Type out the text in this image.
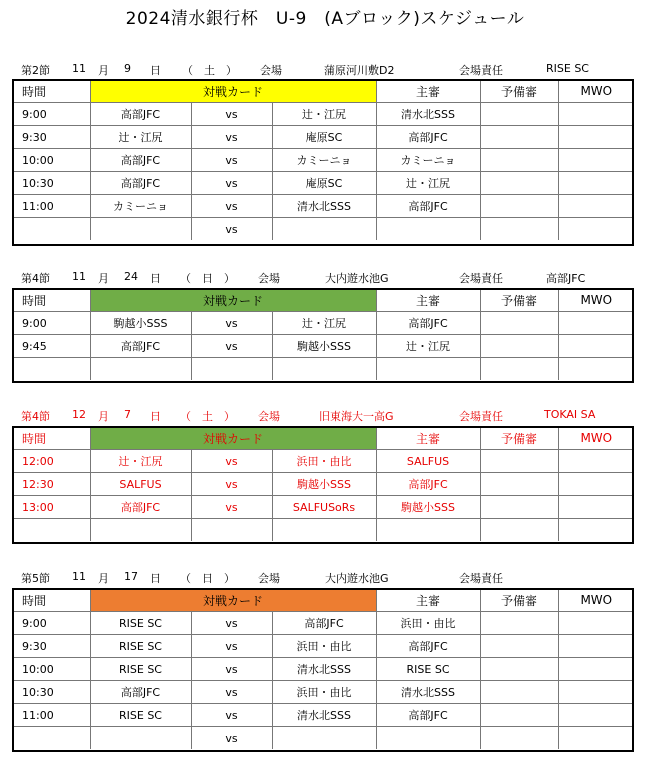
2024清水銀行杯　U-9　(Aブロック)スケジュール
第2節 11 月 9 日 （　土　） 会場	蒲原河川敷D2	会場責任	RISE SC
時間	対戦カード			主審	予備審	MWO
9:00	高部JFC	vs	辻・江尻	清水北SSS		
9:30	辻・江尻	vs	庵原SC	高部JFC		
10:00	高部JFC	vs	カミーニョ	カミーニョ		
10:30	高部JFC	vs	庵原SC	辻・江尻		
11:00	カミーニョ	vs	清水北SSS	高部JFC		
		vs				
第4節 11 月 24 日 （　日　） 会場	大内遊水池G	会場責任	高部JFC
時間	対戦カード			主審	予備審	MWO
9:00	駒越小SSS	vs	辻・江尻	高部JFC		
9:45	高部JFC	vs	駒越小SSS	辻・江尻		

第4節 12 月 7 日 （　土　） 会場	旧東海大一高G	会場責任	TOKAI SA
時間	対戦カード			主審	予備審	MWO
12:00	辻・江尻	vs	浜田・由比	SALFUS		
12:30	SALFUS	vs	駒越小SSS	高部JFC		
13:00	高部JFC	vs	SALFUSoRs	駒越小SSS		

第5節 11 月 17 日 （　日　） 会場	大内遊水池G	会場責任
時間	対戦カード			主審	予備審	MWO
9:00	RISE SC	vs	高部JFC	浜田・由比		
9:30	RISE SC	vs	浜田・由比	高部JFC		
10:00	RISE SC	vs	清水北SSS	RISE SC		
10:30	高部JFC	vs	浜田・由比	清水北SSS		
11:00	RISE SC	vs	清水北SSS	高部JFC		
		vs				
